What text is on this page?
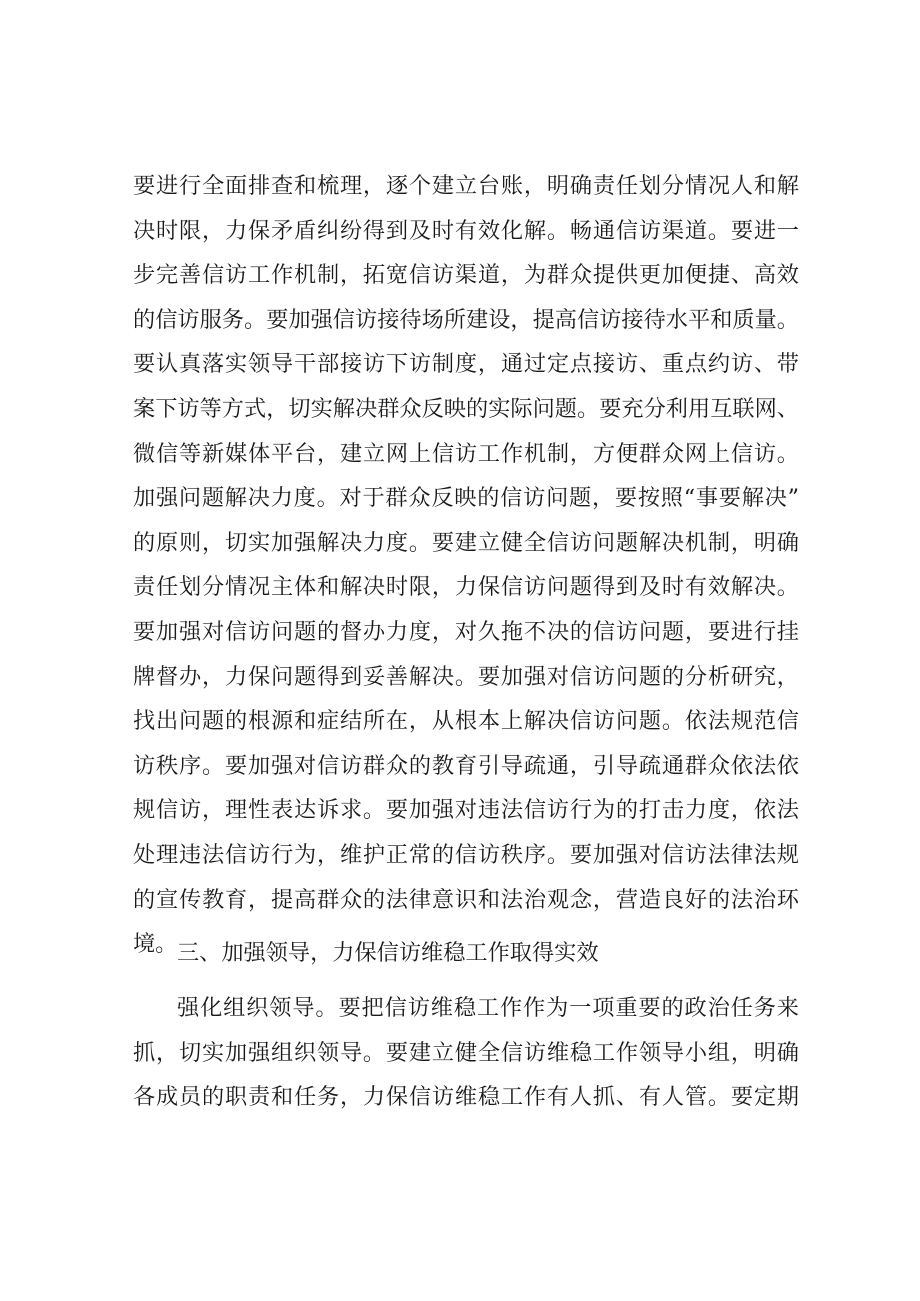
要进行全面排查和梳理，逐个建立台账，明确责任划分情况人和解
决时限，力保矛盾纠纷得到及时有效化解。畅通信访渠道。要进一
步完善信访工作机制，拓宽信访渠道，为群众提供更加便捷、高效
的信访服务。要加强信访接待场所建设，提高信访接待水平和质量。
要认真落实领导干部接访下访制度，通过定点接访、重点约访、带
案下访等方式，切实解决群众反映的实际问题。要充分利用互联网、
微信等新媒体平台，建立网上信访工作机制，方便群众网上信访。
加强问题解决力度。对于群众反映的信访问题，要按照“事要解决”
的原则，切实加强解决力度。要建立健全信访问题解决机制，明确
责任划分情况主体和解决时限，力保信访问题得到及时有效解决。
要加强对信访问题的督办力度，对久拖不决的信访问题，要进行挂
牌督办，力保问题得到妥善解决。要加强对信访问题的分析研究，
找出问题的根源和症结所在，从根本上解决信访问题。依法规范信
访秩序。要加强对信访群众的教育引导疏通，引导疏通群众依法依
规信访，理性表达诉求。要加强对违法信访行为的打击力度，依法
处理违法信访行为，维护正常的信访秩序。要加强对信访法律法规
的宣传教育，提高群众的法律意识和法治观念，营造良好的法治环
境。 三、加强领导，力保信访维稳工作取得实效
强化组织领导。要把信访维稳工作作为一项重要的政治任务来
抓，切实加强组织领导。要建立健全信访维稳工作领导小组，明确
各成员的职责和任务，力保信访维稳工作有人抓、有人管。要定期
